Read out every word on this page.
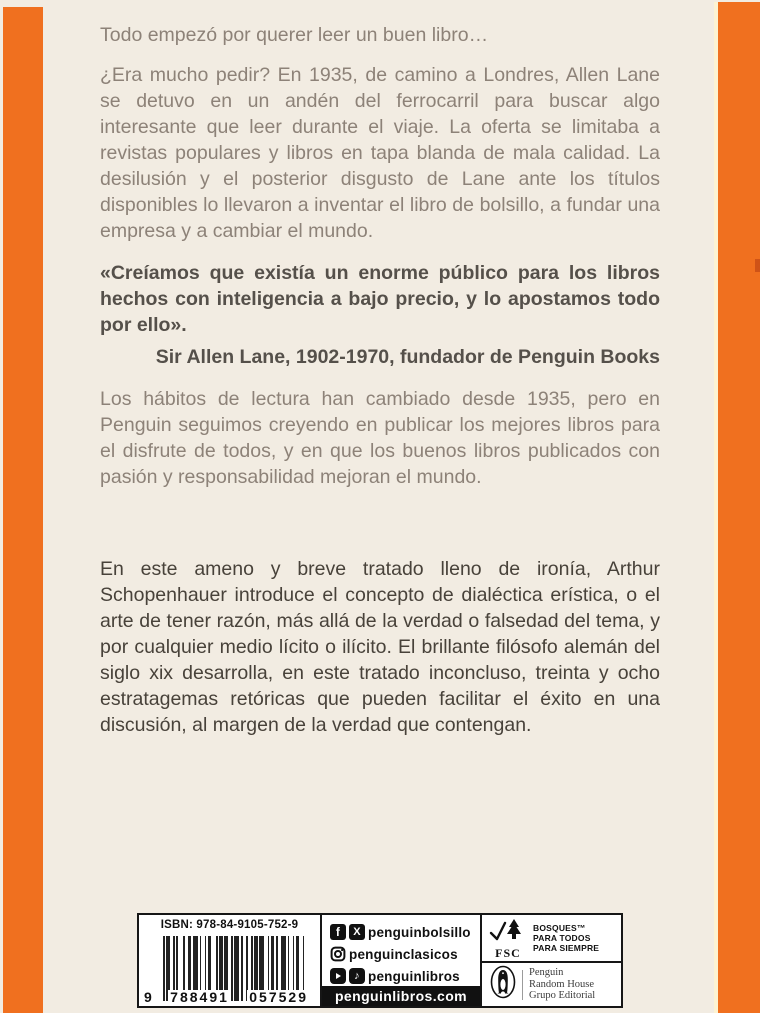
Todo empezó por querer leer un buen libro…

¿Era mucho pedir? En 1935, de camino a Londres, Allen Lane se detuvo en un andén del ferrocarril para buscar algo interesante que leer durante el viaje. La oferta se limitaba a revistas populares y libros en tapa blanda de mala calidad. La desilusión y el posterior disgusto de Lane ante los títulos disponibles lo llevaron a inventar el libro de bolsillo, a fundar una empresa y a cambiar el mundo.

«Creíamos que existía un enorme público para los libros hechos con inteligencia a bajo precio, y lo apostamos todo por ello».

Sir Allen Lane, 1902-1970, fundador de Penguin Books

Los hábitos de lectura han cambiado desde 1935, pero en Penguin seguimos creyendo en publicar los mejores libros para el disfrute de todos, y en que los buenos libros publicados con pasión y responsabilidad mejoran el mundo.

En este ameno y breve tratado lleno de ironía, Arthur Schopenhauer introduce el concepto de dialéctica erística, o el arte de tener razón, más allá de la verdad o falsedad del tema, y por cualquier medio lícito o ilícito. El brillante filósofo alemán del siglo xix desarrolla, en este tratado inconcluso, treinta y ocho estratagemas retóricas que pueden facilitar el éxito en una discusión, al margen de la verdad que contengan.

ISBN: 978-84-9105-752-9
9 788491 057529
f	X penguinbolsillo
penguinclasicos
♪ penguinlibros
penguinlibros.com
FSC
BOSQUES™
PARA TODOS
PARA SIEMPRE
Penguin
Random House
Grupo Editorial
